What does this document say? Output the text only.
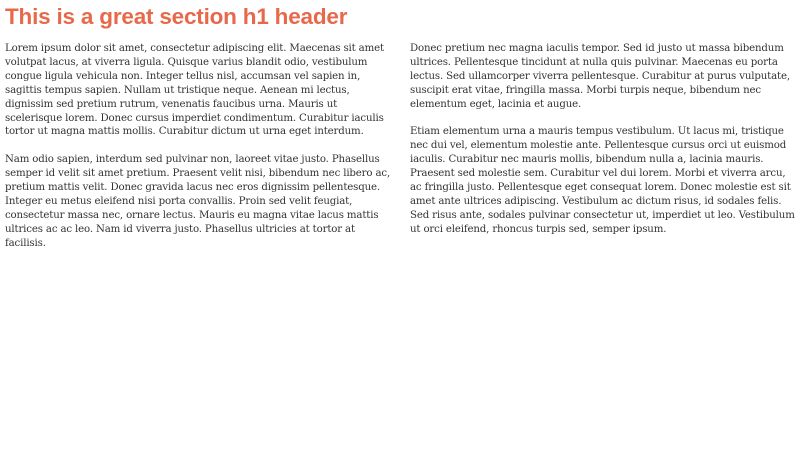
This is a great section h1 header

Lorem ipsum dolor sit amet, consectetur adipiscing elit. Maecenas sit amet volutpat lacus, at viverra ligula. Quisque varius blandit odio, vestibulum congue ligula vehicula non. Integer tellus nisl, accumsan vel sapien in, sagittis tempus sapien. Nullam ut tristique neque. Aenean mi lectus, dignissim sed pretium rutrum, venenatis faucibus urna. Mauris ut scelerisque lorem. Donec cursus imperdiet condimentum. Curabitur iaculis tortor ut magna mattis mollis. Curabitur dictum ut urna eget interdum.

Nam odio sapien, interdum sed pulvinar non, laoreet vitae justo. Phasellus semper id velit sit amet pretium. Praesent velit nisi, bibendum nec libero ac, pretium mattis velit. Donec gravida lacus nec eros dignissim pellentesque. Integer eu metus eleifend nisi porta convallis. Proin sed velit feugiat, consectetur massa nec, ornare lectus. Mauris eu magna vitae lacus mattis ultrices ac ac leo. Nam id viverra justo. Phasellus ultricies at tortor at facilisis.

Donec pretium nec magna iaculis tempor. Sed id justo ut massa bibendum ultrices. Pellentesque tincidunt at nulla quis pulvinar. Maecenas eu porta lectus. Sed ullamcorper viverra pellentesque. Curabitur at purus vulputate, suscipit erat vitae, fringilla massa. Morbi turpis neque, bibendum nec elementum eget, lacinia et augue.

Etiam elementum urna a mauris tempus vestibulum. Ut lacus mi, tristique nec dui vel, elementum molestie ante. Pellentesque cursus orci ut euismod iaculis. Curabitur nec mauris mollis, bibendum nulla a, lacinia mauris. Praesent sed molestie sem. Curabitur vel dui lorem. Morbi et viverra arcu, ac fringilla justo. Pellentesque eget consequat lorem. Donec molestie est sit amet ante ultrices adipiscing. Vestibulum ac dictum risus, id sodales felis. Sed risus ante, sodales pulvinar consectetur ut, imperdiet ut leo. Vestibulum ut orci eleifend, rhoncus turpis sed, semper ipsum.
